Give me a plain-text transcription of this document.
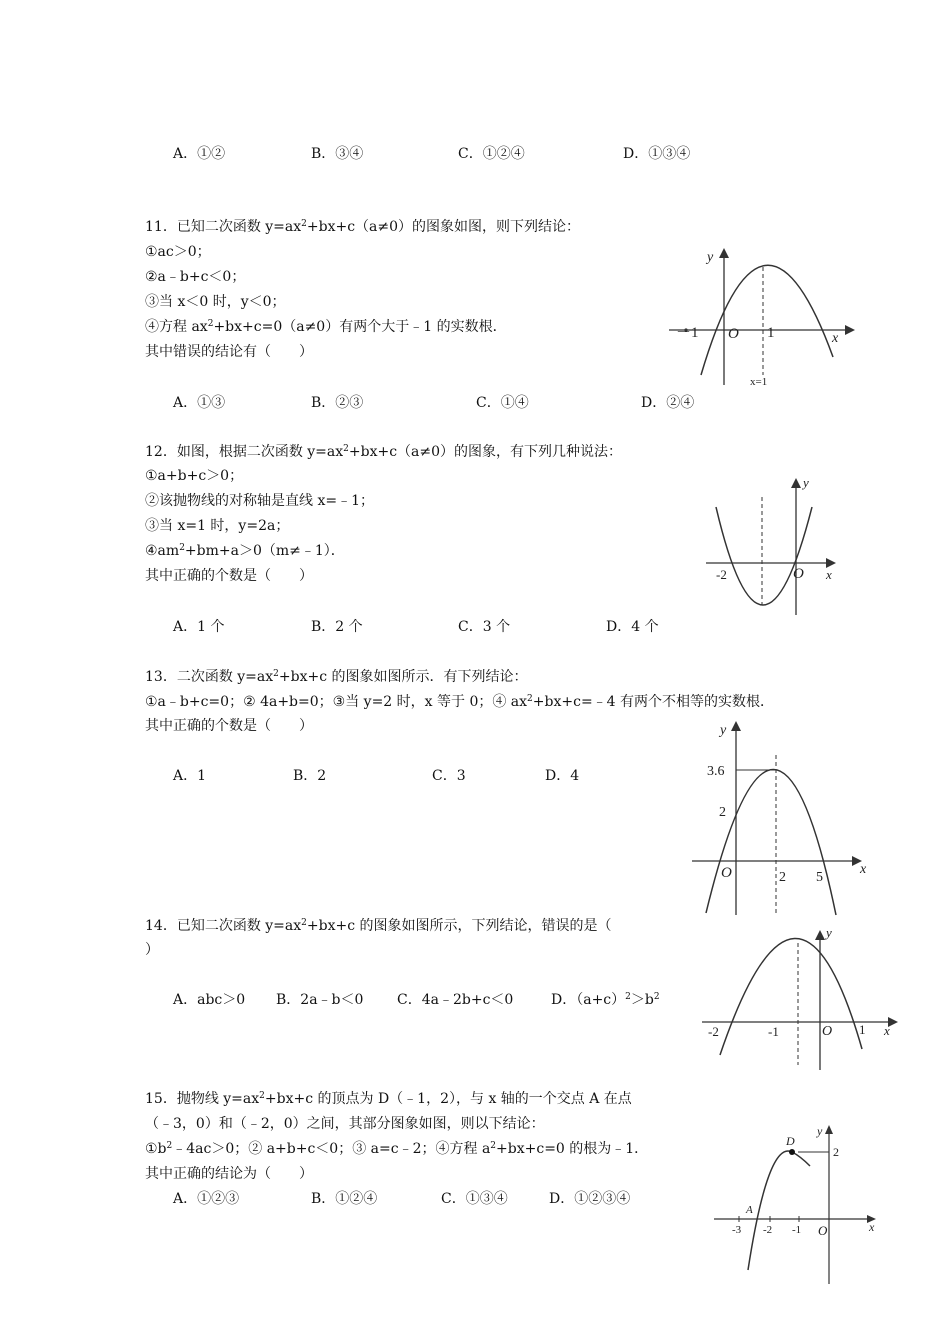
A．①②	B．③④	C．①②④	D．①③④
11．已知二次函数 $y=ax^2+bx+c(a\ne 0)$的图象如图，则下列结论：
①ac＞0；
②a﹣b+c＜0；
③当 x＜0 时，y＜0；
④方程 $ax^2+bx+c=0(a\ne 0)$有两个大于﹣1 的实数根．
其中错误的结论有（　　）
A．①③	B．②③	C．①④	D．②④
y
x
O
－1	1
x=1
12．如图，根据二次函数 $y=ax^2+bx+c(a\ne 0)$的图象，有下列几种说法：
①a+b+c＞0；
②该抛物线的对称轴是直线 x=﹣1；
③当 x=1 时，y=2a；
$④am^2+bm+a>0(m\ne﹣1)$．
其中正确的个数是（　　）
A．1 个	B．2 个	C．3 个	D．4 个
y
x
O
-2
13．二次函数 $y=ax^2+bx+c$ 的图象如图所示．有下列结论：
①a﹣b+c=0；② 4a+b=0；③当 y=2 时，x 等于 0；④ $ax^2+bx+c=﹣4$ 有两个不相等的实数根．
其中正确的个数是（　　）
A．1	B．2	C．3	D．4
y
x
O
3.6
2
2 5
14．已知二次函数 $y=ax^2+bx+c$ 的图象如图所示，下列结论，错误的是（
）
A．abc＞0 B．2a﹣b＜0 C．4a﹣2b+c＜0	D．$(a+c)^2>b^2$
y
x
O
-2	-1	1
15．抛物线 $y=ax^2+bx+c$ 的顶点为 D（﹣1，2），与 x 轴的一个交点 A 在点
（﹣3，0）和（﹣2，0）之间，其部分图象如图，则以下结论：
$①b^2﹣4ac>0$；② a+b+c＜0；③ a=c﹣2；④方程 $a^2+bx+c=0$ 的根为﹣1．
其中正确的结论为（　　）
A．①②③	B．①②④	C．①③④	D．①②③④
y
x
O
D
A
2
-3 -2 -1
